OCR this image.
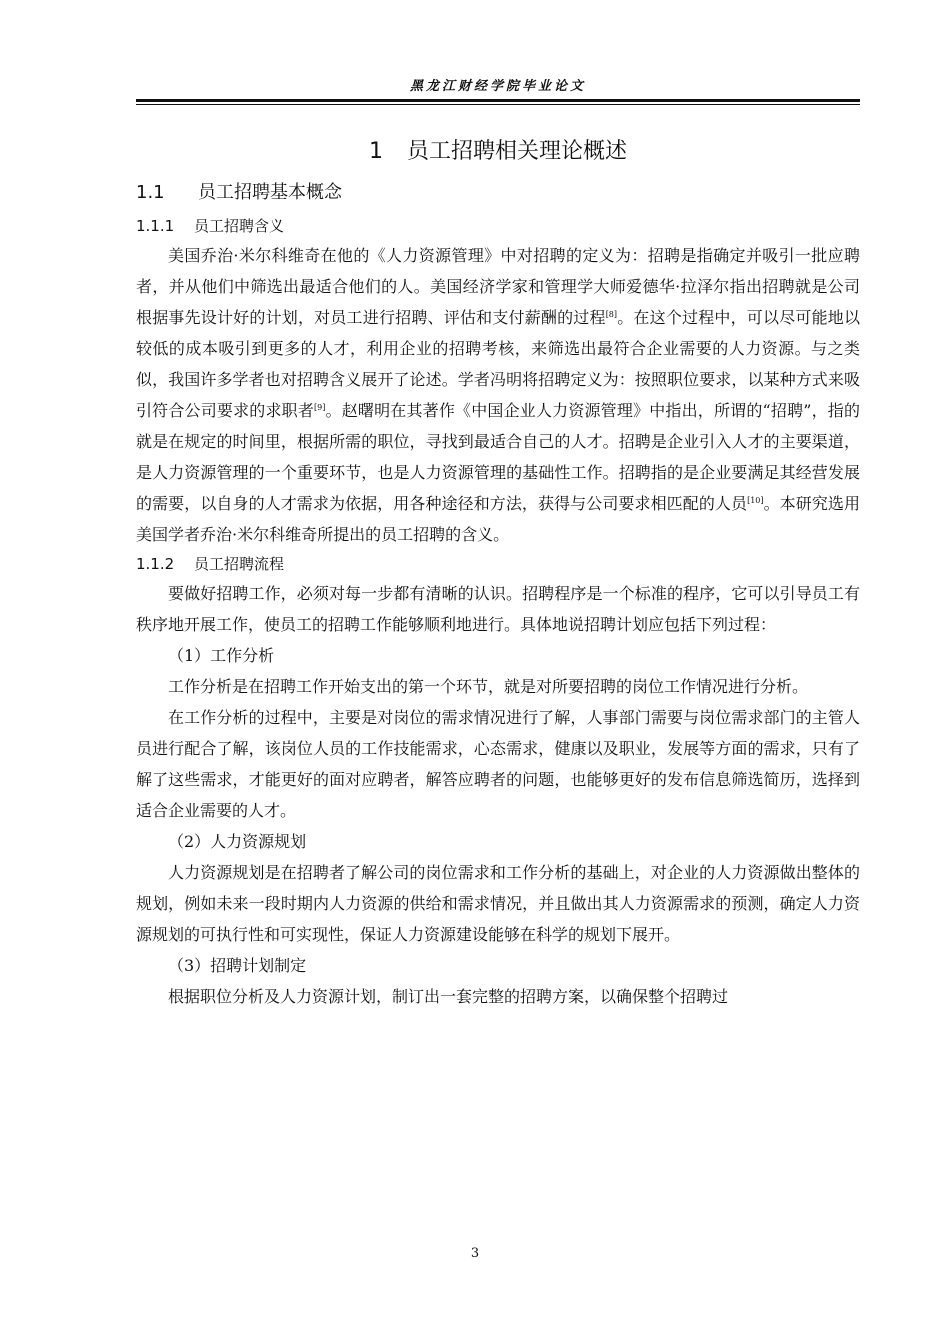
黑龙江财经学院毕业论文
1 员工招聘相关理论概述
1.1 员工招聘基本概念
1.1.1 员工招聘含义

美国乔治·米尔科维奇在他的《人力资源管理》中对招聘的定义为：招聘是指确定并吸引一批应聘者，并从他们中筛选出最适合他们的人。美国经济学家和管理学大师爱德华·拉泽尔指出招聘就是公司根据事先设计好的计划，对员工进行招聘、评估和支付薪酬的过程[8]。在这个过程中，可以尽可能地以较低的成本吸引到更多的人才，利用企业的招聘考核，来筛选出最符合企业需要的人力资源。与之类似，我国许多学者也对招聘含义展开了论述。学者冯明将招聘定义为：按照职位要求，以某种方式来吸引符合公司要求的求职者[9]。赵曙明在其著作《中国企业人力资源管理》中指出，所谓的“招聘”，指的就是在规定的时间里，根据所需的职位，寻找到最适合自己的人才。招聘是企业引入人才的主要渠道，是人力资源管理的一个重要环节，也是人力资源管理的基础性工作。招聘指的是企业要满足其经营发展的需要，以自身的人才需求为依据，用各种途径和方法，获得与公司要求相匹配的人员[10]。本研究选用美国学者乔治·米尔科维奇所提出的员工招聘的含义。

1.1.2 员工招聘流程

要做好招聘工作，必须对每一步都有清晰的认识。招聘程序是一个标准的程序，它可以引导员工有秩序地开展工作，使员工的招聘工作能够顺利地进行。具体地说招聘计划应包括下列过程：

（1）工作分析

工作分析是在招聘工作开始支出的第一个环节，就是对所要招聘的岗位工作情况进行分析。

在工作分析的过程中，主要是对岗位的需求情况进行了解，人事部门需要与岗位需求部门的主管人员进行配合了解，该岗位人员的工作技能需求，心态需求，健康以及职业，发展等方面的需求，只有了解了这些需求，才能更好的面对应聘者，解答应聘者的问题，也能够更好的发布信息筛选简历，选择到适合企业需要的人才。

（2）人力资源规划

人力资源规划是在招聘者了解公司的岗位需求和工作分析的基础上，对企业的人力资源做出整体的规划，例如未来一段时期内人力资源的供给和需求情况，并且做出其人力资源需求的预测，确定人力资源规划的可执行性和可实现性，保证人力资源建设能够在科学的规划下展开。

（3）招聘计划制定

根据职位分析及人力资源计划，制订出一套完整的招聘方案，以确保整个招聘过

3
